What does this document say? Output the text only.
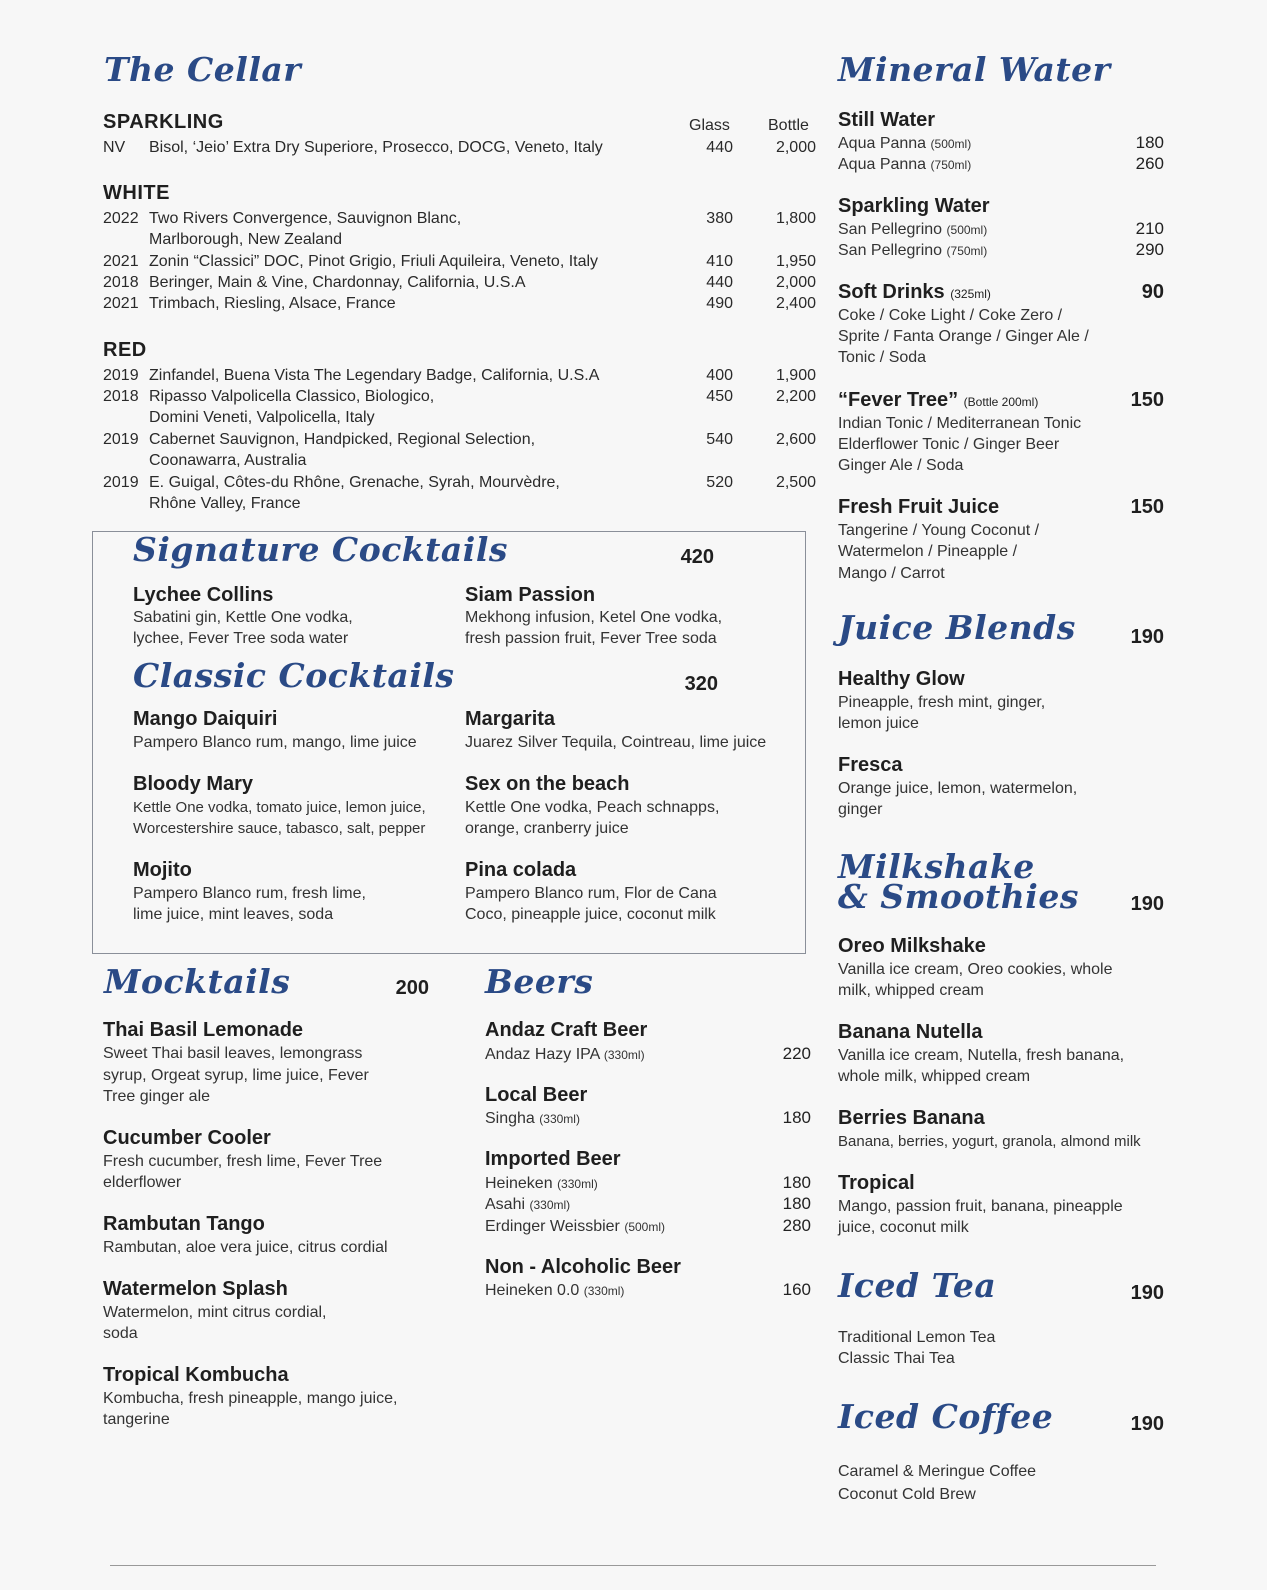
The Cellar
SPARKLING	Glass Bottle
NV Bisol, ‘Jeio’ Extra Dry Superiore, Prosecco, DOCG, Veneto, Italy	440	2,000
WHITE
2022 Two Rivers Convergence, Sauvignon Blanc,
Marlborough, New Zealand
380	1,800
2021 Zonin “Classici” DOC, Pinot Grigio, Friuli Aquileira, Veneto, Italy	410	1,950
2018 Beringer, Main & Vine, Chardonnay, California, U.S.A	440	2,000
2021 Trimbach, Riesling, Alsace, France	490	2,400
RED
2019 Zinfandel, Buena Vista The Legendary Badge, California, U.S.A	400	1,900
2018 Ripasso Valpolicella Classico, Biologico,
Domini Veneti, Valpolicella, Italy
450	2,200
2019 Cabernet Sauvignon, Handpicked, Regional Selection,
Coonawarra, Australia
540	2,600
2019 E. Guigal, Côtes-du Rhône, Grenache, Syrah, Mourvèdre,
Rhône Valley, France
520	2,500
Signature Cocktails	420
Lychee Collins
Sabatini gin, Kettle One vodka,
lychee, Fever Tree soda water
Siam Passion
Mekhong infusion, Ketel One vodka,
fresh passion fruit, Fever Tree soda
Classic Cocktails	320
Mango Daiquiri
Pampero Blanco rum, mango, lime juice
Margarita
Juarez Silver Tequila, Cointreau, lime juice
Bloody Mary
Kettle One vodka, tomato juice, lemon juice,
Worcestershire sauce, tabasco, salt, pepper
Sex on the beach
Kettle One vodka, Peach schnapps,
orange, cranberry juice
Mojito
Pampero Blanco rum, fresh lime,
lime juice, mint leaves, soda
Pina colada
Pampero Blanco rum, Flor de Cana
Coco, pineapple juice, coconut milk
Mocktails	200
Thai Basil Lemonade
Sweet Thai basil leaves, lemongrass
syrup, Orgeat syrup, lime juice, Fever
Tree ginger ale
Cucumber Cooler
Fresh cucumber, fresh lime, Fever Tree
elderflower
Rambutan Tango
Rambutan, aloe vera juice, citrus cordial
Watermelon Splash
Watermelon, mint citrus cordial,
soda
Tropical Kombucha
Kombucha, fresh pineapple, mango juice,
tangerine
Beers
Andaz Craft Beer
Andaz Hazy IPA (330ml)	220
Local Beer
Singha (330ml)	180
Imported Beer
Heineken (330ml)	180
Asahi (330ml)	180
Erdinger Weissbier (500ml)	280
Non - Alcoholic Beer
Heineken 0.0 (330ml)	160
Mineral Water
Still Water
Aqua Panna (500ml)	180
Aqua Panna (750ml)	260
Sparkling Water
San Pellegrino (500ml)	210
San Pellegrino (750ml)	290
Soft Drinks (325ml)	90
Coke / Coke Light / Coke Zero /
Sprite / Fanta Orange / Ginger Ale /
Tonic / Soda
“Fever Tree” (Bottle 200ml)	150
Indian Tonic / Mediterranean Tonic
Elderflower Tonic / Ginger Beer
Ginger Ale / Soda
Fresh Fruit Juice	150
Tangerine / Young Coconut /
Watermelon / Pineapple /
Mango / Carrot
Juice Blends	190
Healthy Glow
Pineapple, fresh mint, ginger,
lemon juice
Fresca
Orange juice, lemon, watermelon,
ginger
Milkshake
& Smoothies	190
Oreo Milkshake
Vanilla ice cream, Oreo cookies, whole
milk, whipped cream
Banana Nutella
Vanilla ice cream, Nutella, fresh banana,
whole milk, whipped cream
Berries Banana
Banana, berries, yogurt, granola, almond milk
Tropical
Mango, passion fruit, banana, pineapple
juice, coconut milk
Iced Tea	190
Traditional Lemon Tea
Classic Thai Tea
Iced Coffee	190
Caramel & Meringue Coffee
Coconut Cold Brew
